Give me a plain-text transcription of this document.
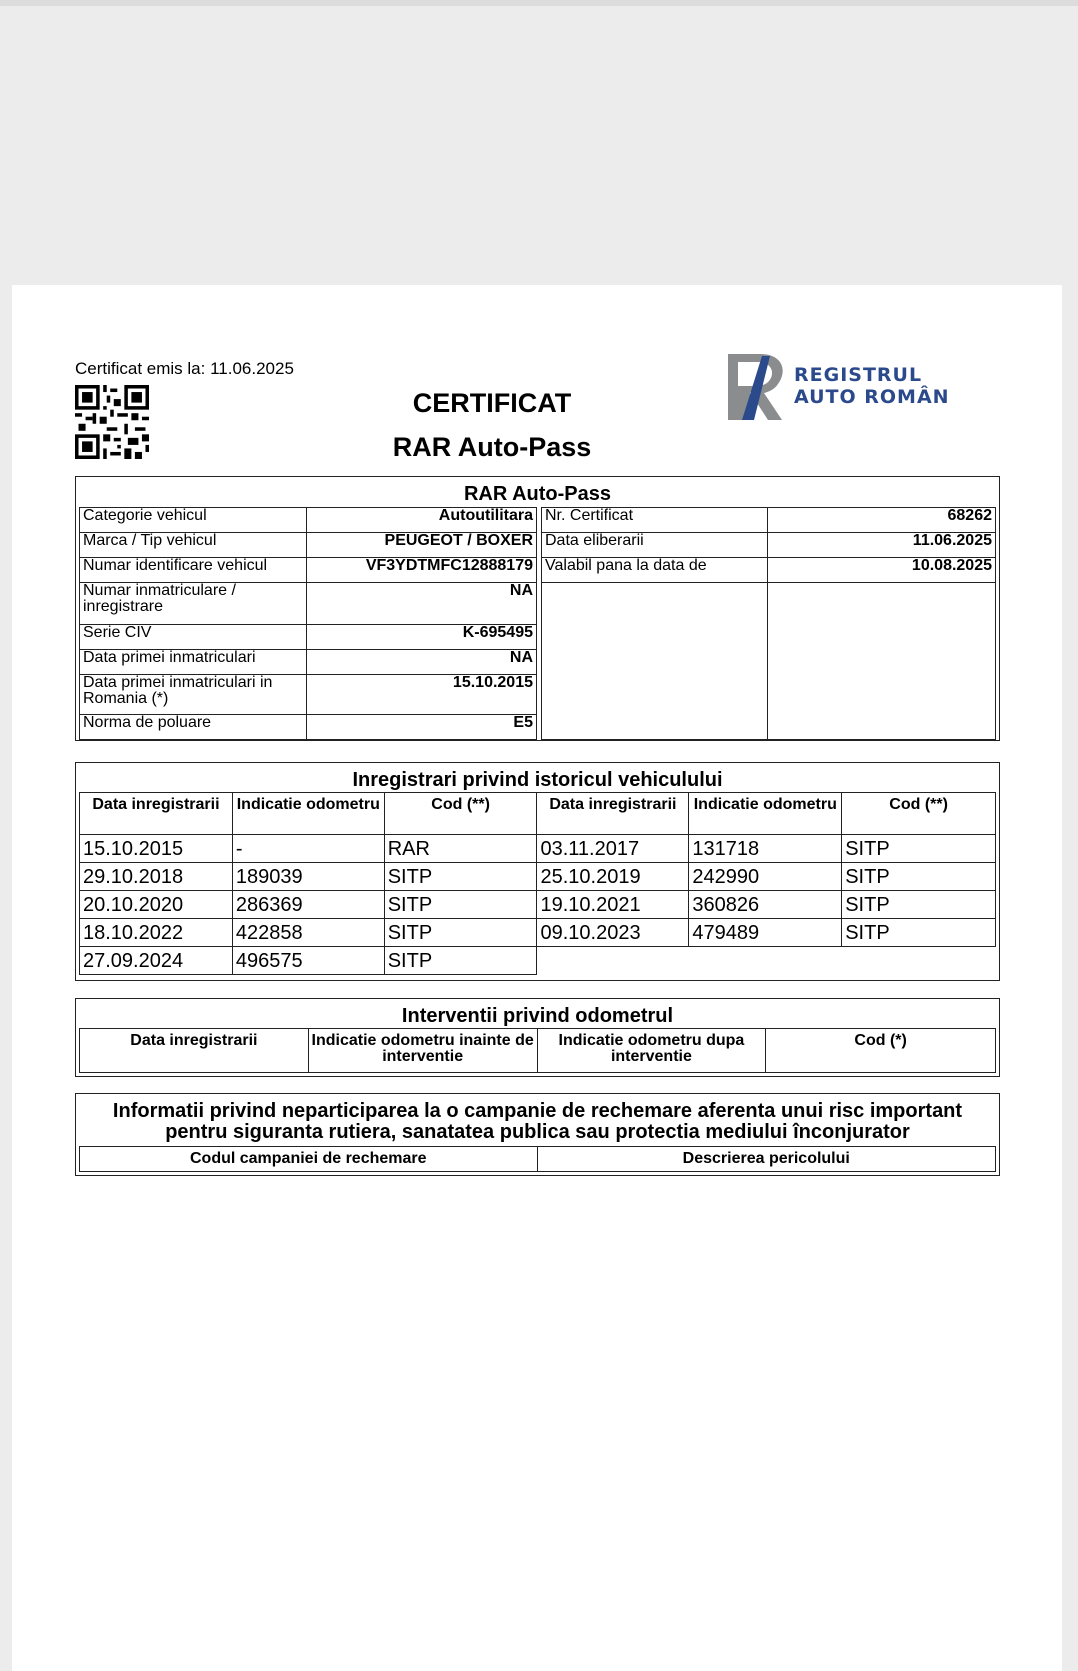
Certificat emis la: 11.06.2025
CERTIFICAT
RAR Auto-Pass
REGISTRUL
AUTO ROMÂN
RAR Auto-Pass
Categorie vehicul	Autoutilitara
Marca / Tip vehicul	PEUGEOT / BOXER
Numar identificare vehicul	VF3YDTMFC12888179
Numar inmatriculare / inregistrare	NA
Serie CIV	K-695495
Data primei inmatriculari	NA
Data primei inmatriculari in Romania (*)	15.10.2015
Norma de poluare	E5
Nr. Certificat	68262
Data eliberarii	11.06.2025
Valabil pana la data de	10.08.2025

Inregistrari privind istoricul vehiculului
Data inregistrarii	Indicatie odometru	Cod (**)	Data inregistrarii	Indicatie odometru	Cod (**)
15.10.2015	-	RAR	03.11.2017	131718	SITP
29.10.2018	189039	SITP	25.10.2019	242990	SITP
20.10.2020	286369	SITP	19.10.2021	360826	SITP
18.10.2022	422858	SITP	09.10.2023	479489	SITP
27.09.2024	496575	SITP			
Interventii privind odometrul
Data inregistrarii	Indicatie odometru inainte de interventie	Indicatie odometru dupa interventie	Cod (*)
Informatii privind neparticiparea la o campanie de rechemare aferenta unui risc important pentru siguranta rutiera, sanatatea publica sau protectia mediului înconjurator
Codul campaniei de rechemare	Descrierea pericolului
